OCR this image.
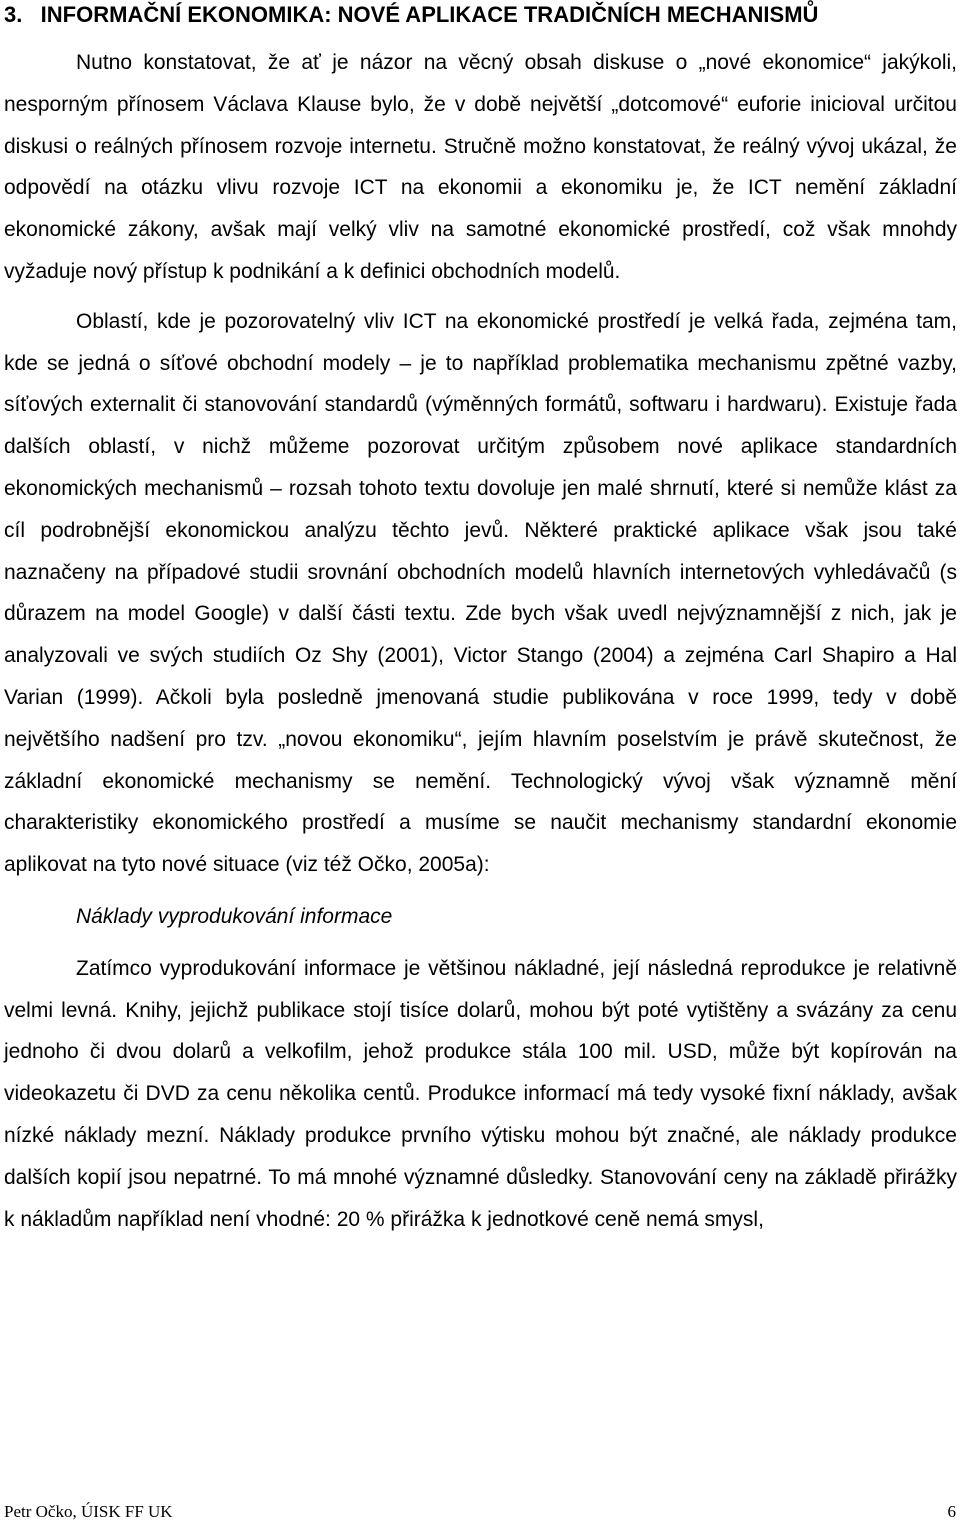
3.   INFORMAČNÍ EKONOMIKA: NOVÉ APLIKACE TRADIČNÍCH MECHANISMŮ

Nutno konstatovat, že ať je názor na věcný obsah diskuse o „nové ekonomice“ jakýkoli, nesporným přínosem Václava Klause bylo, že v době největší „dotcomové“ euforie inicioval určitou diskusi o reálných přínosem rozvoje internetu. Stručně možno konstatovat, že reálný vývoj ukázal, že odpovědí na otázku vlivu rozvoje ICT na ekonomii a ekonomiku je, že ICT nemění základní ekonomické zákony, avšak mají velký vliv na samotné ekonomické prostředí, což však mnohdy vyžaduje nový přístup k podnikání a k definici obchodních modelů.

Oblastí, kde je pozorovatelný vliv ICT na ekonomické prostředí je velká řada, zejména tam, kde se jedná o síťové obchodní modely – je to například problematika mechanismu zpětné vazby, síťových externalit či stanovování standardů (výměnných formátů, softwaru i hardwaru). Existuje řada dalších oblastí, v nichž můžeme pozorovat určitým způsobem nové aplikace standardních ekonomických mechanismů – rozsah tohoto textu dovoluje jen malé shrnutí, které si nemůže klást za cíl podrobnější ekonomickou analýzu těchto jevů. Některé praktické aplikace však jsou také naznačeny na případové studii srovnání obchodních modelů hlavních internetových vyhledávačů (s důrazem na model Google) v další části textu. Zde bych však uvedl nejvýznamnější z nich, jak je analyzovali ve svých studiích Oz Shy (2001), Victor Stango (2004) a zejména Carl Shapiro a Hal Varian (1999). Ačkoli byla posledně jmenovaná studie publikována v roce 1999, tedy v době největšího nadšení pro tzv. „novou ekonomiku“, jejím hlavním poselstvím je právě skutečnost, že základní ekonomické mechanismy se nemění. Technologický vývoj však významně mění charakteristiky ekonomického prostředí a musíme se naučit mechanismy standardní ekonomie aplikovat na tyto nové situace (viz též Očko, 2005a):

Náklady vyprodukování informace

Zatímco vyprodukování informace je většinou nákladné, její následná reprodukce je relativně velmi levná. Knihy, jejichž publikace stojí tisíce dolarů, mohou být poté vytištěny a svázány za cenu jednoho či dvou dolarů a velkofilm, jehož produkce stála 100 mil. USD, může být kopírován na videokazetu či DVD za cenu několika centů. Produkce informací má tedy vysoké fixní náklady, avšak nízké náklady mezní. Náklady produkce prvního výtisku mohou být značné, ale náklady produkce dalších kopií jsou nepatrné. To má mnohé významné důsledky. Stanovování ceny na základě přirážky k nákladům například není vhodné: 20 % přirážka k jednotkové ceně nemá smysl,

Petr Očko, ÚISK FF UK	6
